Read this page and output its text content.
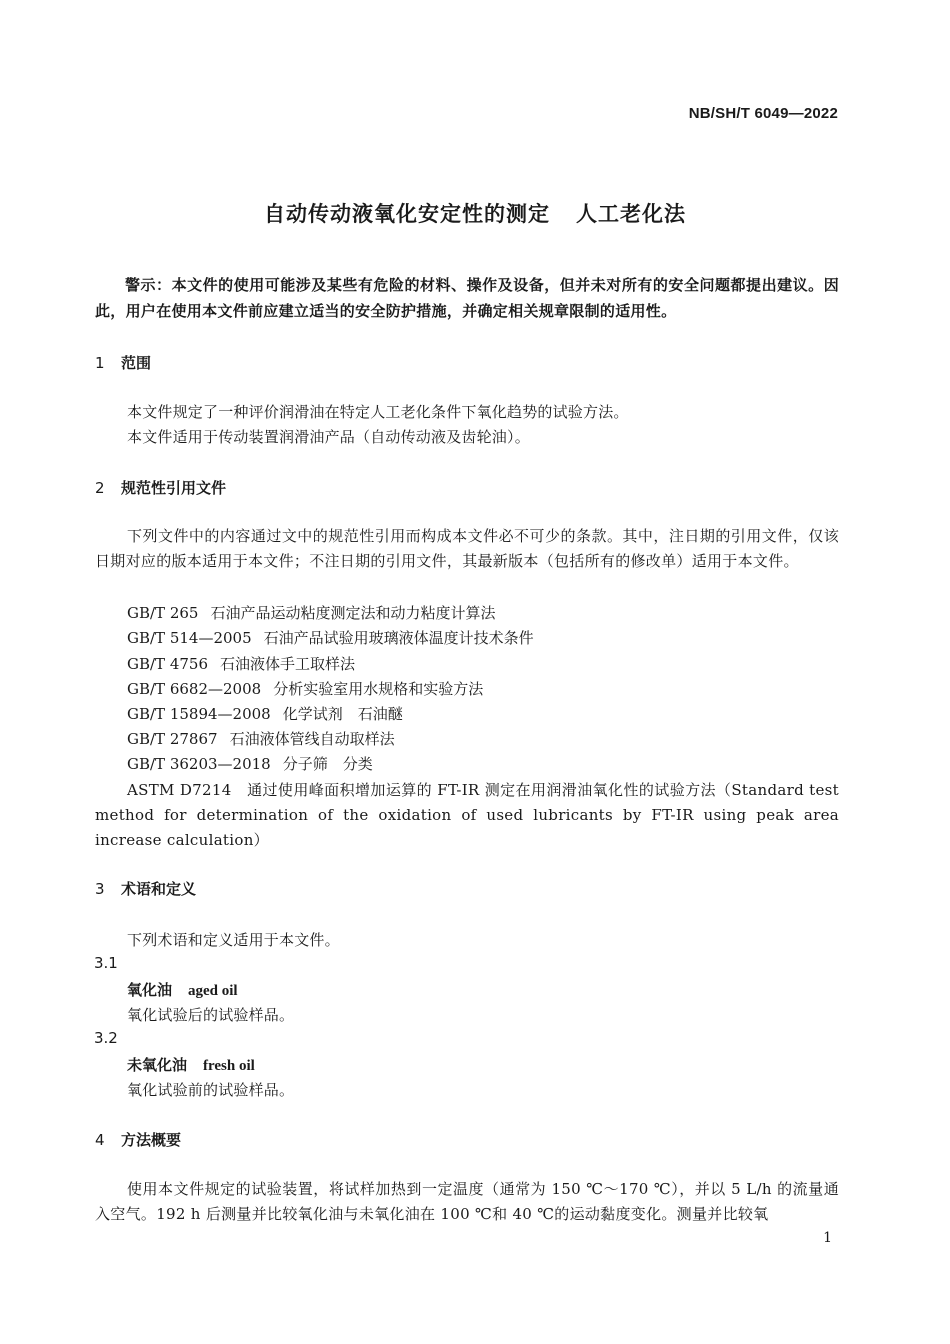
NB/SH/T 6049—2022
自动传动液氧化安定性的测定 人工老化法
警示：本文件的使用可能涉及某些有危险的材料、操作及设备，但并未对所有的安全问题都提出建议。因此，用户在使用本文件前应建立适当的安全防护措施，并确定相关规章限制的适用性。
1 范围
本文件规定了一种评价润滑油在特定人工老化条件下氧化趋势的试验方法。
本文件适用于传动装置润滑油产品（自动传动液及齿轮油）。
2 规范性引用文件
下列文件中的内容通过文中的规范性引用而构成本文件必不可少的条款。其中，注日期的引用文件，仅该日期对应的版本适用于本文件；不注日期的引用文件，其最新版本（包括所有的修改单）适用于本文件。
GB/T 265 石油产品运动粘度测定法和动力粘度计算法
GB/T 514—2005 石油产品试验用玻璃液体温度计技术条件
GB/T 4756 石油液体手工取样法
GB/T 6682—2008 分析实验室用水规格和实验方法
GB/T 15894—2008 化学试剂　石油醚
GB/T 27867 石油液体管线自动取样法
GB/T 36203—2018 分子筛　分类
ASTM D7214　通过使用峰面积增加运算的 FT-IR 测定在用润滑油氧化性的试验方法（Standard test method for determination of the oxidation of used lubricants by FT-IR using peak area increase calculation）
3 术语和定义
下列术语和定义适用于本文件。
3.1
氧化油 aged oil
氧化试验后的试验样品。
3.2
未氧化油 fresh oil
氧化试验前的试验样品。
4 方法概要
使用本文件规定的试验装置，将试样加热到一定温度（通常为 150 ℃～170 ℃），并以 5 L/h 的流量通入空气。192 h 后测量并比较氧化油与未氧化油在 100 ℃和 40 ℃的运动黏度变化。测量并比较氧
1
